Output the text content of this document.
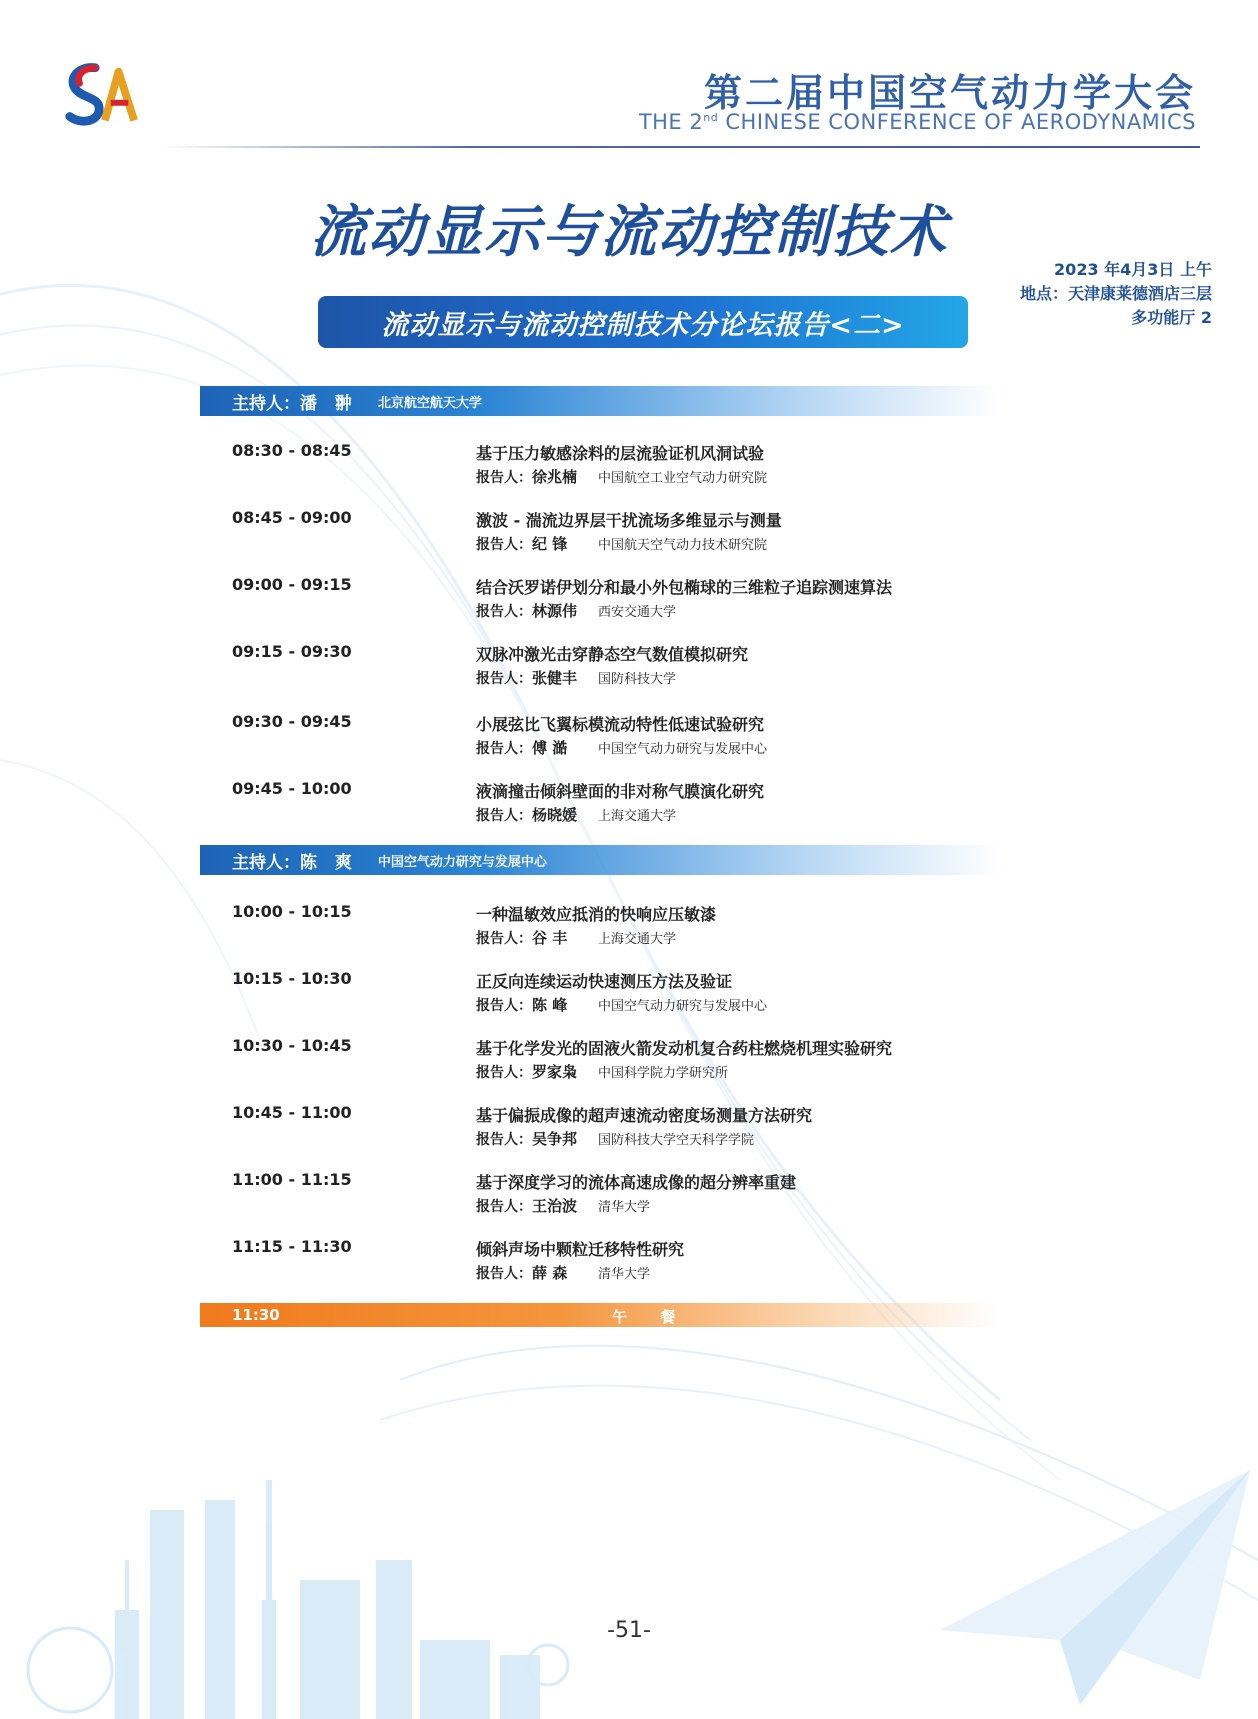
第二届中国空气动力学大会
THE 2nd CHINESE CONFERENCE OF AERODYNAMICS
流动显示与流动控制技术
2023 年4月3日 上午
地点：天津康莱德酒店三层
多功能厅 2
流动显示与流动控制技术分论坛报告<二>
主持人： 潘 翀 北京航空航天大学
08:30 - 08:45	基于压力敏感涂料的层流验证机风洞试验
报告人：徐兆楠 中国航空工业空气动力研究院
08:45 - 09:00	激波 - 湍流边界层干扰流场多维显示与测量
报告人：纪 锋 中国航天空气动力技术研究院
09:00 - 09:15	结合沃罗诺伊划分和最小外包椭球的三维粒子追踪测速算法
报告人：林源伟 西安交通大学
09:15 - 09:30	双脉冲激光击穿静态空气数值模拟研究
报告人：张健丰 国防科技大学
09:30 - 09:45	小展弦比飞翼标模流动特性低速试验研究
报告人：傅 澔 中国空气动力研究与发展中心
09:45 - 10:00	液滴撞击倾斜壁面的非对称气膜演化研究
报告人：杨晓媛 上海交通大学
主持人： 陈 爽 中国空气动力研究与发展中心
10:00 - 10:15	一种温敏效应抵消的快响应压敏漆
报告人：谷 丰 上海交通大学
10:15 - 10:30	正反向连续运动快速测压方法及验证
报告人：陈 峰 中国空气动力研究与发展中心
10:30 - 10:45	基于化学发光的固液火箭发动机复合药柱燃烧机理实验研究
报告人：罗家枭 中国科学院力学研究所
10:45 - 11:00	基于偏振成像的超声速流动密度场测量方法研究
报告人：吴争邦 国防科技大学空天科学学院
11:00 - 11:15	基于深度学习的流体高速成像的超分辨率重建
报告人：王治波 清华大学
11:15 - 11:30	倾斜声场中颗粒迁移特性研究
报告人：薛 森 清华大学
11:30	午 餐
-51-
